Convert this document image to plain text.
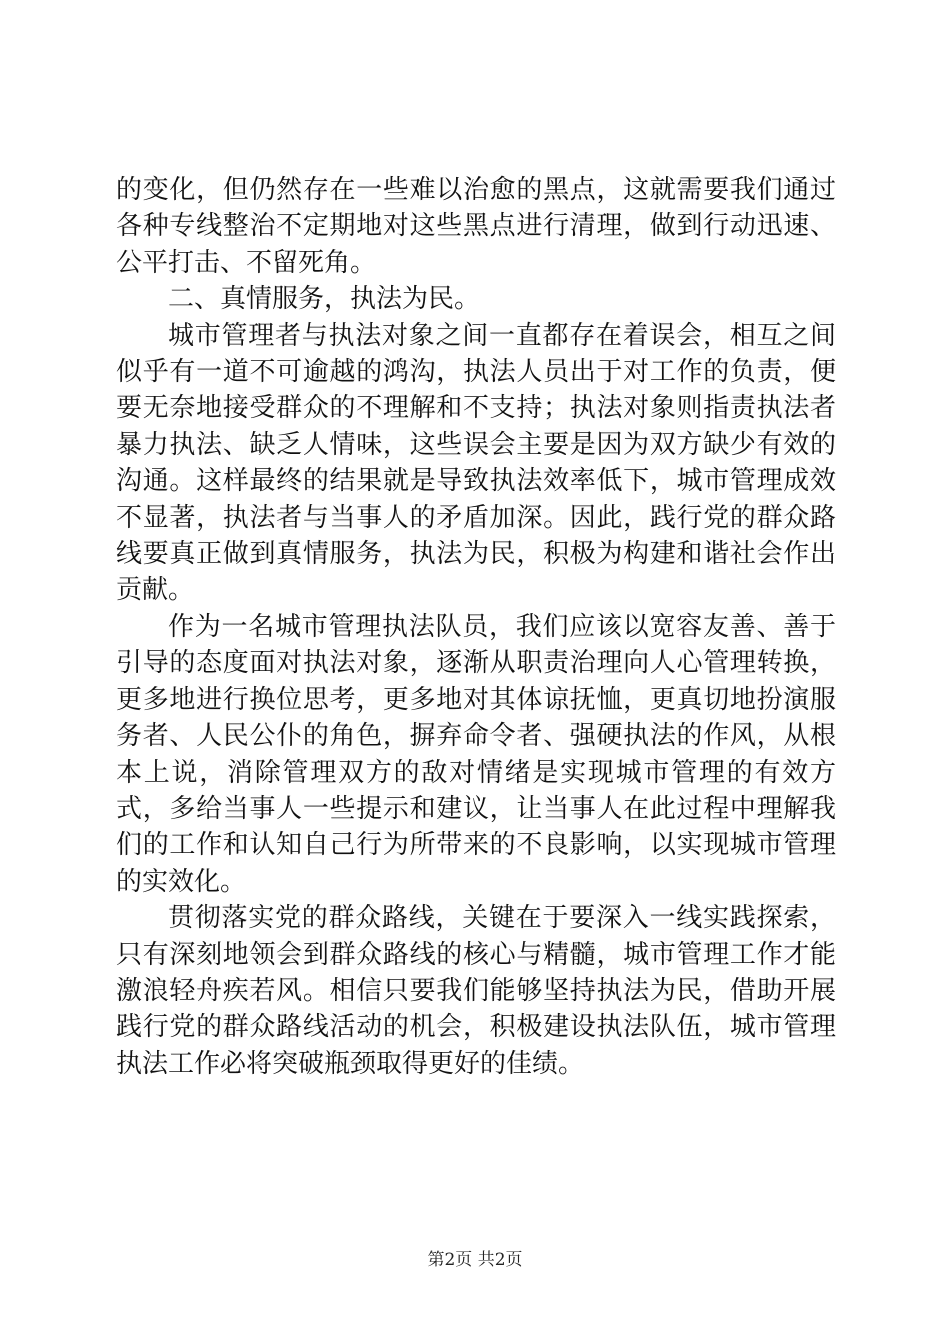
的变化，但仍然存在一些难以治愈的黑点，这就需要我们通过各种专线整治不定期地对这些黑点进行清理，做到行动迅速、公平打击、不留死角。

二、真情服务，执法为民。

城市管理者与执法对象之间一直都存在着误会，相互之间似乎有一道不可逾越的鸿沟，执法人员出于对工作的负责，便要无奈地接受群众的不理解和不支持；执法对象则指责执法者暴力执法、缺乏人情味，这些误会主要是因为双方缺少有效的沟通。这样最终的结果就是导致执法效率低下，城市管理成效不显著，执法者与当事人的矛盾加深。因此，践行党的群众路线要真正做到真情服务，执法为民，积极为构建和谐社会作出贡献。

作为一名城市管理执法队员，我们应该以宽容友善、善于引导的态度面对执法对象，逐渐从职责治理向人心管理转换，更多地进行换位思考，更多地对其体谅抚恤，更真切地扮演服务者、人民公仆的角色，摒弃命令者、强硬执法的作风，从根本上说，消除管理双方的敌对情绪是实现城市管理的有效方式，多给当事人一些提示和建议，让当事人在此过程中理解我们的工作和认知自己行为所带来的不良影响，以实现城市管理的实效化。

贯彻落实党的群众路线，关键在于要深入一线实践探索，只有深刻地领会到群众路线的核心与精髓，城市管理工作才能激浪轻舟疾若风。相信只要我们能够坚持执法为民，借助开展践行党的群众路线活动的机会，积极建设执法队伍，城市管理执法工作必将突破瓶颈取得更好的佳绩。

第2页 共2页
